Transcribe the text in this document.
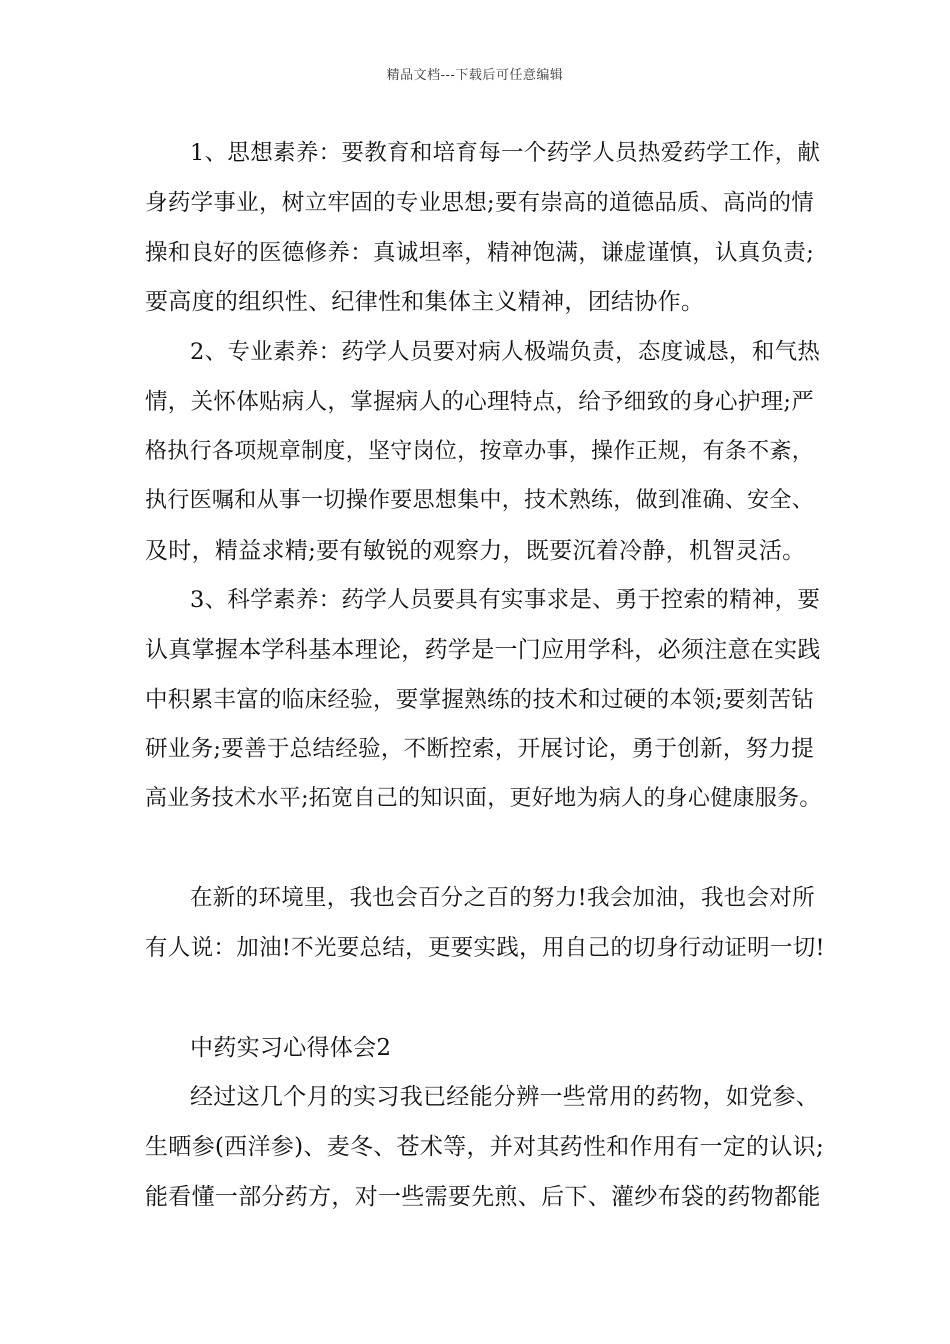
精品文档---下载后可任意编辑
1、思想素养：要教育和培育每一个药学人员热爱药学工作，献
身药学事业，树立牢固的专业思想;要有崇高的道德品质、高尚的情
操和良好的医德修养：真诚坦率，精神饱满，谦虚谨慎，认真负责;
要高度的组织性、纪律性和集体主义精神，团结协作。
2、专业素养：药学人员要对病人极端负责，态度诚恳，和气热
情，关怀体贴病人，掌握病人的心理特点，给予细致的身心护理;严
格执行各项规章制度，坚守岗位，按章办事，操作正规，有条不紊，
执行医嘱和从事一切操作要思想集中，技术熟练，做到准确、安全、
及时，精益求精;要有敏锐的观察力，既要沉着冷静，机智灵活。
3、科学素养：药学人员要具有实事求是、勇于控索的精神，要
认真掌握本学科基本理论，药学是一门应用学科，必须注意在实践
中积累丰富的临床经验，要掌握熟练的技术和过硬的本领;要刻苦钻
研业务;要善于总结经验，不断控索，开展讨论，勇于创新，努力提
高业务技术水平;拓宽自己的知识面，更好地为病人的身心健康服务。
在新的环境里，我也会百分之百的努力!我会加油，我也会对所
有人说：加油!不光要总结，更要实践，用自己的切身行动证明一切!
中药实习心得体会2
经过这几个月的实习我已经能分辨一些常用的药物，如党参、
生晒参(西洋参)、麦冬、苍术等，并对其药性和作用有一定的认识;
能看懂一部分药方，对一些需要先煎、后下、灌纱布袋的药物都能
